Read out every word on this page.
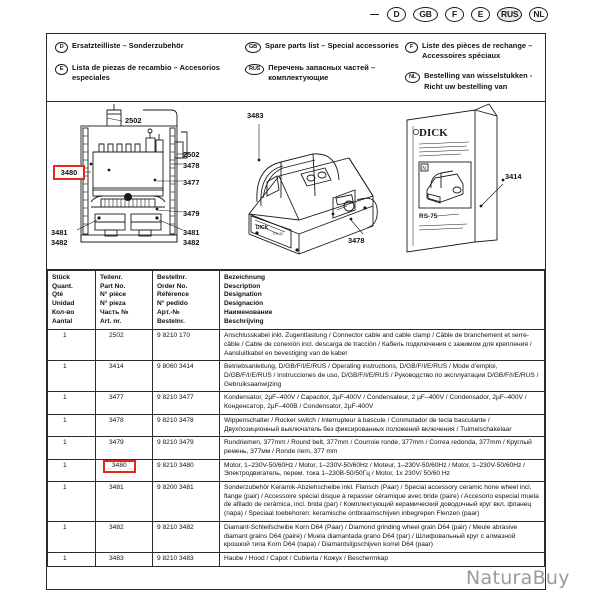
D	GB	F	E	RUS	NL
D	Ersatzteilliste – Sonderzubehör
E	Lista de piezas de recambio – Accesorios especiales
GB	Spare parts list – Special accessories
RUS	Перечень запасных частей – комплектующие
F	Liste des pièces de rechange – Accessoires spéciaux
NL	Bestelling van wisselstukken - Richt uw bestelling van
2502
2502
3478
3477
3479
3481
3482
3481
3482
3480
DICK
RS-75
3483
3478
DICK
N
RS-75
3414
Stück
Quant.
Qté
Unidad
Кол-во
Aantal

Teilenr.
Part No.
N° pièce
N° pieza
Часть №
Art. nr.

Bestellnr.
Order No.
Référence
N° pedido
Арт.-№
Bestelnr.

Bezeichnung
Description
Désignation
Designación
Наименование
Beschrijving

1	2502	9 8210 170	Anschlusskabel inkl. Zugentlastung / Connector cable and cable clamp / Câble de branchement et serre-câble / Cable de conexión incl. descarga de tracción / Кабель подключения с зажимом для крепления / Aansluitkabel en bevestiging van de kabel
1	3414	9 8060 3414	Betriebsanleitung, D/GB/F/I/E/RUS / Operating instructions, D/GB/F/I/E/RUS / Mode d’emploi, D/GB/F/I/E/RUS / Instrucciones de uso, D/GB/F/I/E/RUS / Руководство по эксплуатации D/GB/F/I/E/RUS / Gebruiksaanwijzing
1	3477	9 8210 3477	Kondensator, 2µF–400V / Capacitor, 2µF-400V / Condensateur, 2 µF–400V / Condensador, 2µF–400V / Конденсатор, 2µF–400В / Condensator, 2µF-400V
1	3478	9 8210 3478	Wippenschalter / Rocker switch / Interrupteur à bascule / Conmutador de tecla basculante / Двухпозиционный выключатель без фиксированных положений включения / Tuimelschakelaar
1	3479	9 8210 3479	Rundriemen, 377mm / Round belt, 377mm / Courroie ronde, 377mm / Correa redonda, 377mm / Круглый ремень, 377мм / Ronde riem, 377 mm
1	3480	9 8210 3480	Motor, 1–230V-50/60Hz / Motor, 1–230V-50/60Hz / Moteur, 1–230V-50/60Hz / Motor, 1–230V-50/60Hz / Электродвигатель, перем. тока 1–230В-50/50Гц / Motor, 1x 230V/ 50/60 Hz
1	3481	9 8200 3481	Sonderzubehör Keramik-Abziehscheibe inkl. Flansch (Paar) / Special accessory ceramic hone wheel incl. flange (pair) / Accessoire spécial disque à repasser céramique avec bride (paire) / Accesorio especial muela de afilado de cerámica, incl. brida (par) / Комплектующий керамический доводочный круг вкл. фланец (пара) / Speciaal toebehoren: keramische ontbraamschijven inbegrepen Flenzen (paar)
1	3482	9 8210 3482	Diamant-Schleifscheibe Korn D64 (Paar) / Diamond grinding wheel grain D64 (pair) / Meule abrasive diamant grains D64 (paire) / Muela diamantada grano D64 (par) / Шлифовальный круг с алмазной крошкой типа Korn D64 (пара) / Diamantslijpschijven korrel D64 (paar)
1	3483	9 8210 3483	Haube / Hood / Capot / Cubierta / Кожух / Beschermkap
NaturaBuy
